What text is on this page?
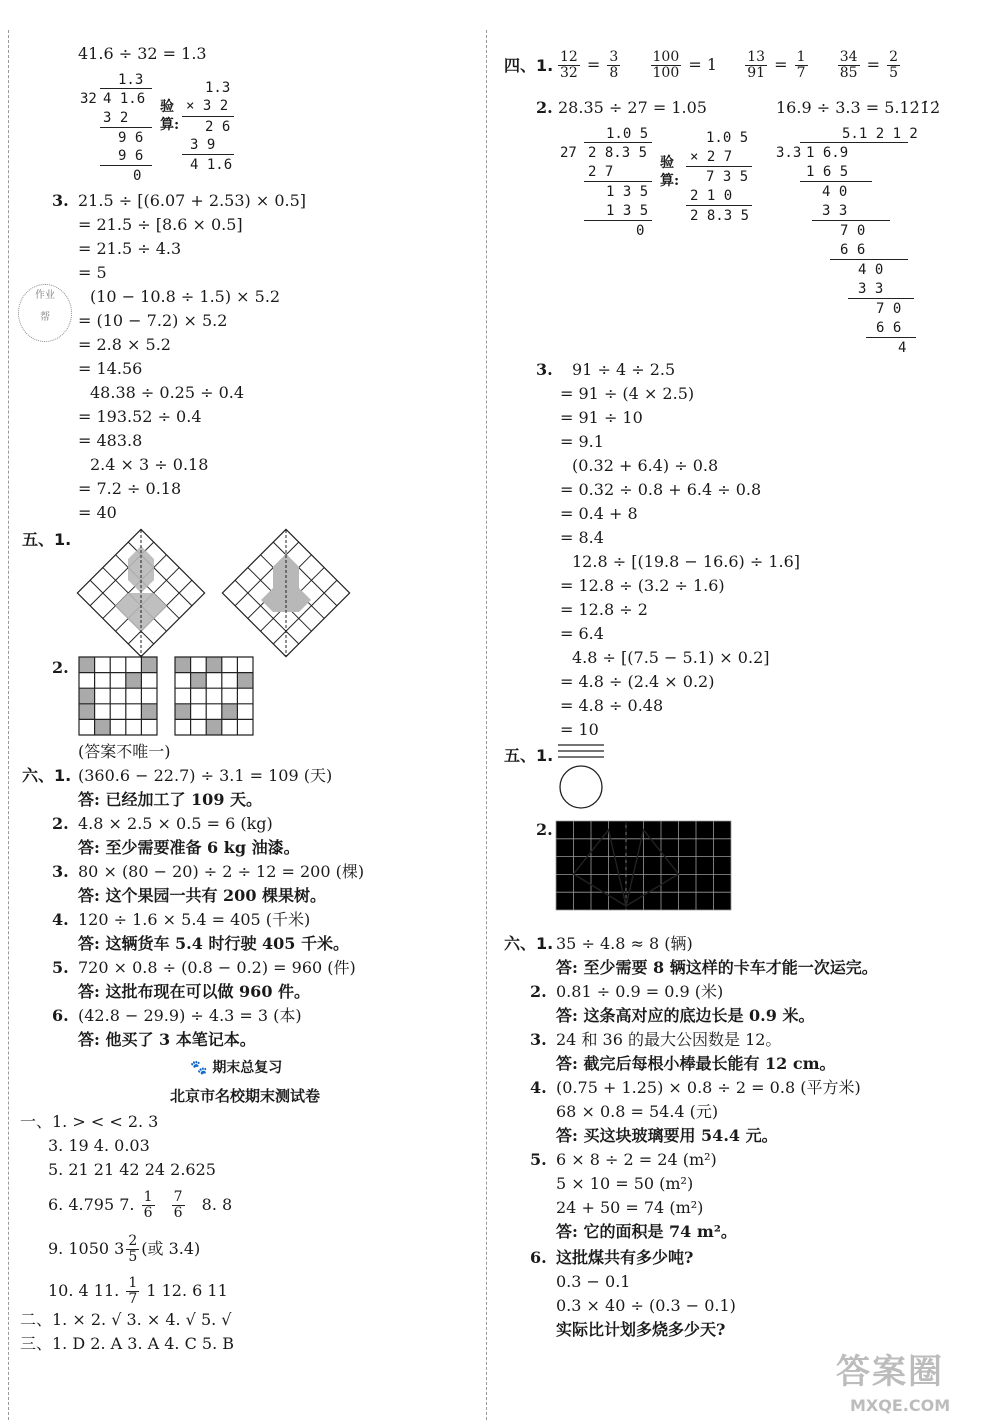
41.6 ÷ 32 = 1.3
1.3
32 4 1.6
3 2
9 6
9 6
0
验算:
1.3
× 3 2
2 6
3 9
4 1.6
3. 21.5 ÷ [(6.07 + 2.53) × 0.5]
= 21.5 ÷ [8.6 × 0.5]
= 21.5 ÷ 4.3
= 5
(10 − 10.8 ÷ 1.5) × 5.2
= (10 − 7.2) × 5.2
= 2.8 × 5.2
= 14.56
48.38 ÷ 0.25 ÷ 0.4
= 193.52 ÷ 0.4
= 483.8
2.4 × 3 ÷ 0.18
= 7.2 ÷ 0.18
= 40
作业
帮
五、1.
2.
(答案不唯一)
六、1. (360.6 − 22.7) ÷ 3.1 = 109 (天)
答: 已经加工了 109 天。
2. 4.8 × 2.5 × 0.5 = 6 (kg)
答: 至少需要准备 6 kg 油漆。
3. 80 × (80 − 20) ÷ 2 ÷ 12 = 200 (棵)
答: 这个果园一共有 200 棵果树。
4. 120 ÷ 1.6 × 5.4 = 405 (千米)
答: 这辆货车 5.4 时行驶 405 千米。
5. 720 × 0.8 ÷ (0.8 − 0.2) = 960 (件)
答: 这批布现在可以做 960 件。
6. (42.8 − 29.9) ÷ 4.3 = 3 (本)
答: 他买了 3 本笔记本。
🐾 期末总复习
北京市名校期末测试卷
一、1. > < < 2. 3
3. 19 4. 0.03
5. 21 21 42 24 2.625
6. 4.795 7. $\frac{1}{6}$
$\frac{7}{6} 8$. 8
9. 1050 $3 \frac{2}{5}$ (或 3.4)
10. 4 11. $\frac{1}{7} 1$ 12. 6 11
二、1. × 2. √ 3. × 4. √ 5. √
三、1. D 2. A 3. A 4. C 5. B
四、1. $\frac{12}{32} = \frac{3}{8}$
$\frac{100}{100} = 1 \frac{13}{91} = \frac{1}{7}$
$\frac{34}{85} = \frac{2}{5}$
2. 28.35 ÷ 27 = 1.05	16.9 ÷ 3.3 = 5.12̇1̇2̇
1.0 5
27 2 8.3 5
2 7
1 3 5
1 3 5
0
验算:
1.0 5
× 2 7
7 3 5
2 1 0
2 8.3 5
5.1 2 1 2
3.3 1 6.9
1 6 5
4 0
3 3
7 0
6 6
4 0
3 3
7 0
6 6
4
3. 91 ÷ 4 ÷ 2.5
= 91 ÷ (4 × 2.5)
= 91 ÷ 10
= 9.1
(0.32 + 6.4) ÷ 0.8
= 0.32 ÷ 0.8 + 6.4 ÷ 0.8
= 0.4 + 8
= 8.4
12.8 ÷ [(19.8 − 16.6) ÷ 1.6]
= 12.8 ÷ (3.2 ÷ 1.6)
= 12.8 ÷ 2
= 6.4
4.8 ÷ [(7.5 − 5.1) × 0.2]
= 4.8 ÷ (2.4 × 0.2)
= 4.8 ÷ 0.48
= 10
五、1.
2.
六、1. 35 ÷ 4.8 ≈ 8 (辆)
答: 至少需要 8 辆这样的卡车才能一次运完。
2. 0.81 ÷ 0.9 = 0.9 (米)
答: 这条高对应的底边长是 0.9 米。
3. 24 和 36 的最大公因数是 12。
答: 截完后每根小棒最长能有 12 cm。
4. (0.75 + 1.25) × 0.8 ÷ 2 = 0.8 (平方米)
68 × 0.8 = 54.4 (元)
答: 买这块玻璃要用 54.4 元。
5. 6 × 8 ÷ 2 = 24 (m²)
5 × 10 = 50 (m²)
24 + 50 = 74 (m²)
答: 它的面积是 74 m²。
6. 这批煤共有多少吨?
0.3 − 0.1
0.3 × 40 ÷ (0.3 − 0.1)
实际比计划多烧多少天?
答案圈
MXQE.COM
